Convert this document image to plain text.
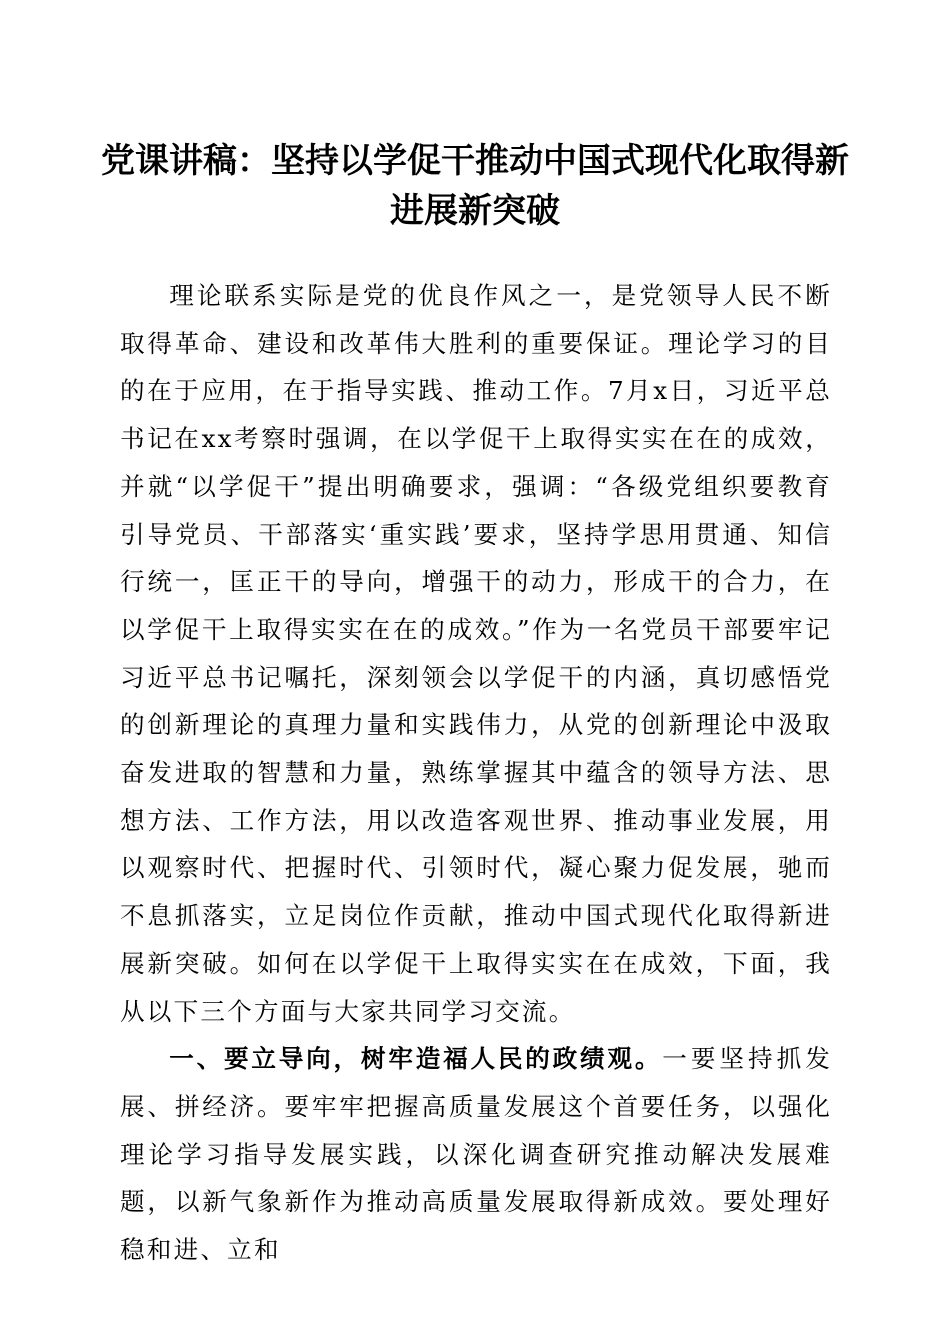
党课讲稿：坚持以学促干推动中国式现代化取得新进展新突破

理论联系实际是党的优良作风之一，是党领导人民不断取得革命、建设和改革伟大胜利的重要保证。理论学习的目的在于应用，在于指导实践、推动工作。7月x日，习近平总书记在xx考察时强调，在以学促干上取得实实在在的成效，并就“以学促干”提出明确要求，强调：“各级党组织要教育引导党员、干部落实‘重实践’要求，坚持学思用贯通、知信行统一，匡正干的导向，增强干的动力，形成干的合力，在以学促干上取得实实在在的成效。”作为一名党员干部要牢记习近平总书记嘱托，深刻领会以学促干的内涵，真切感悟党的创新理论的真理力量和实践伟力，从党的创新理论中汲取奋发进取的智慧和力量，熟练掌握其中蕴含的领导方法、思想方法、工作方法，用以改造客观世界、推动事业发展，用以观察时代、把握时代、引领时代，凝心聚力促发展，驰而不息抓落实，立足岗位作贡献，推动中国式现代化取得新进展新突破。如何在以学促干上取得实实在在成效，下面，我从以下三个方面与大家共同学习交流。

一、要立导向，树牢造福人民的政绩观。一要坚持抓发展、拼经济。要牢牢把握高质量发展这个首要任务，以强化理论学习指导发展实践，以深化调查研究推动解决发展难题，以新气象新作为推动高质量发展取得新成效。要处理好稳和进、立和
